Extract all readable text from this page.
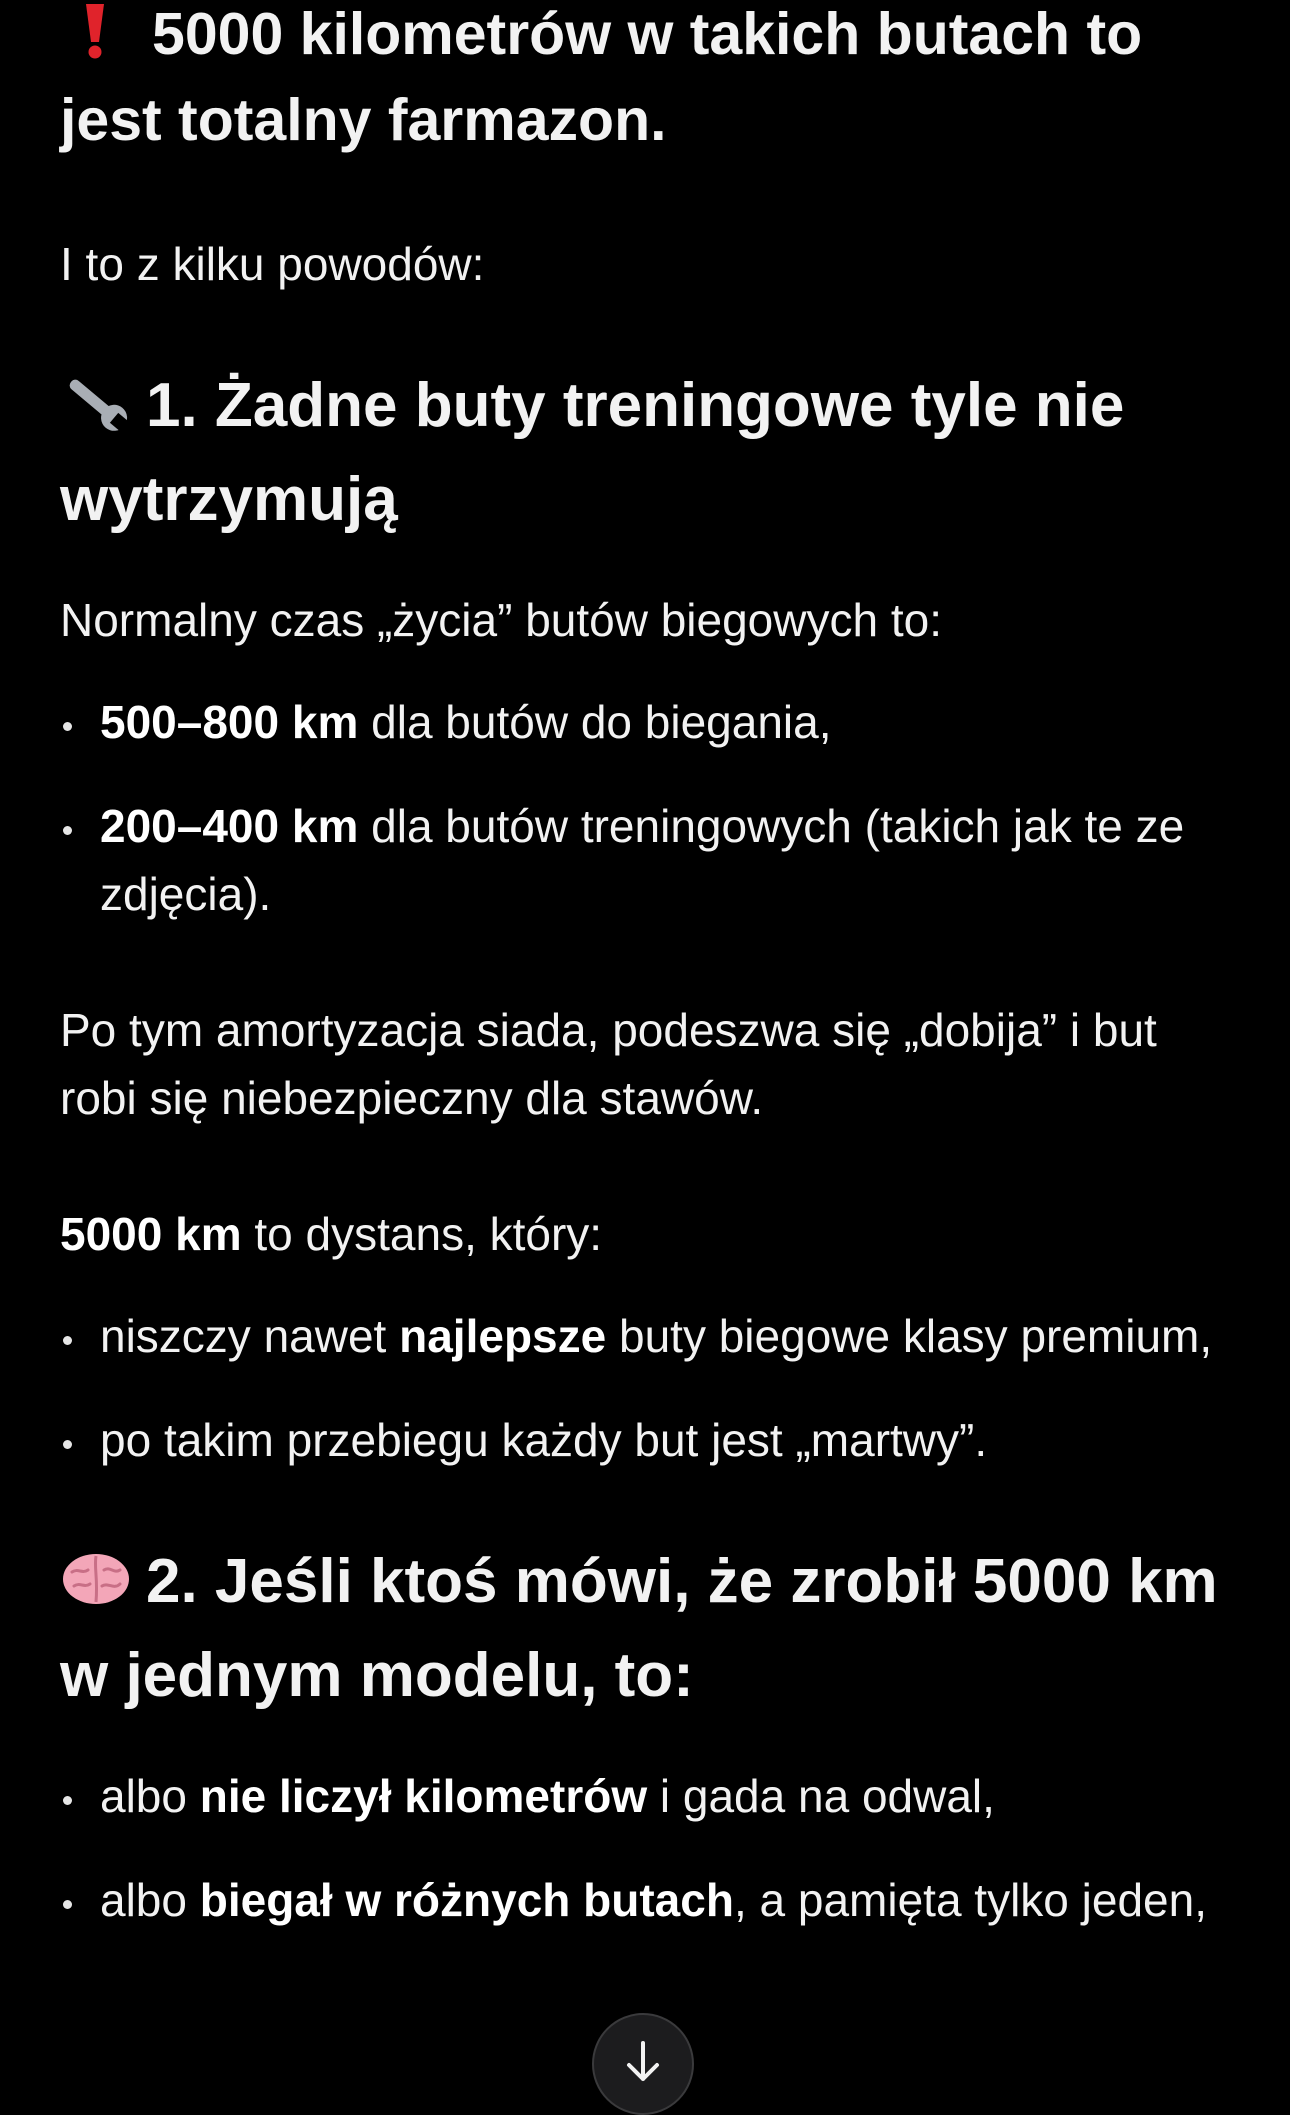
5000 kilometrów w takich butach to jest totalny farmazon.

I to z kilku powodów:

1. Żadne buty treningowe tyle nie wytrzymują

Normalny czas „życia” butów biegowych to:

500–800 km dla butów do biegania,
200–400 km dla butów treningowych (takich jak te ze zdjęcia).

Po tym amortyzacja siada, podeszwa się „dobija” i but robi się niebezpieczny dla stawów.

5000 km to dystans, który:

niszczy nawet najlepsze buty biegowe klasy premium,
po takim przebiegu każdy but jest „martwy”.
2. Jeśli ktoś mówi, że zrobił 5000 km w jednym modelu, to:
albo nie liczył kilometrów i gada na odwal,
albo biegał w różnych butach, a pamięta tylko jeden,
